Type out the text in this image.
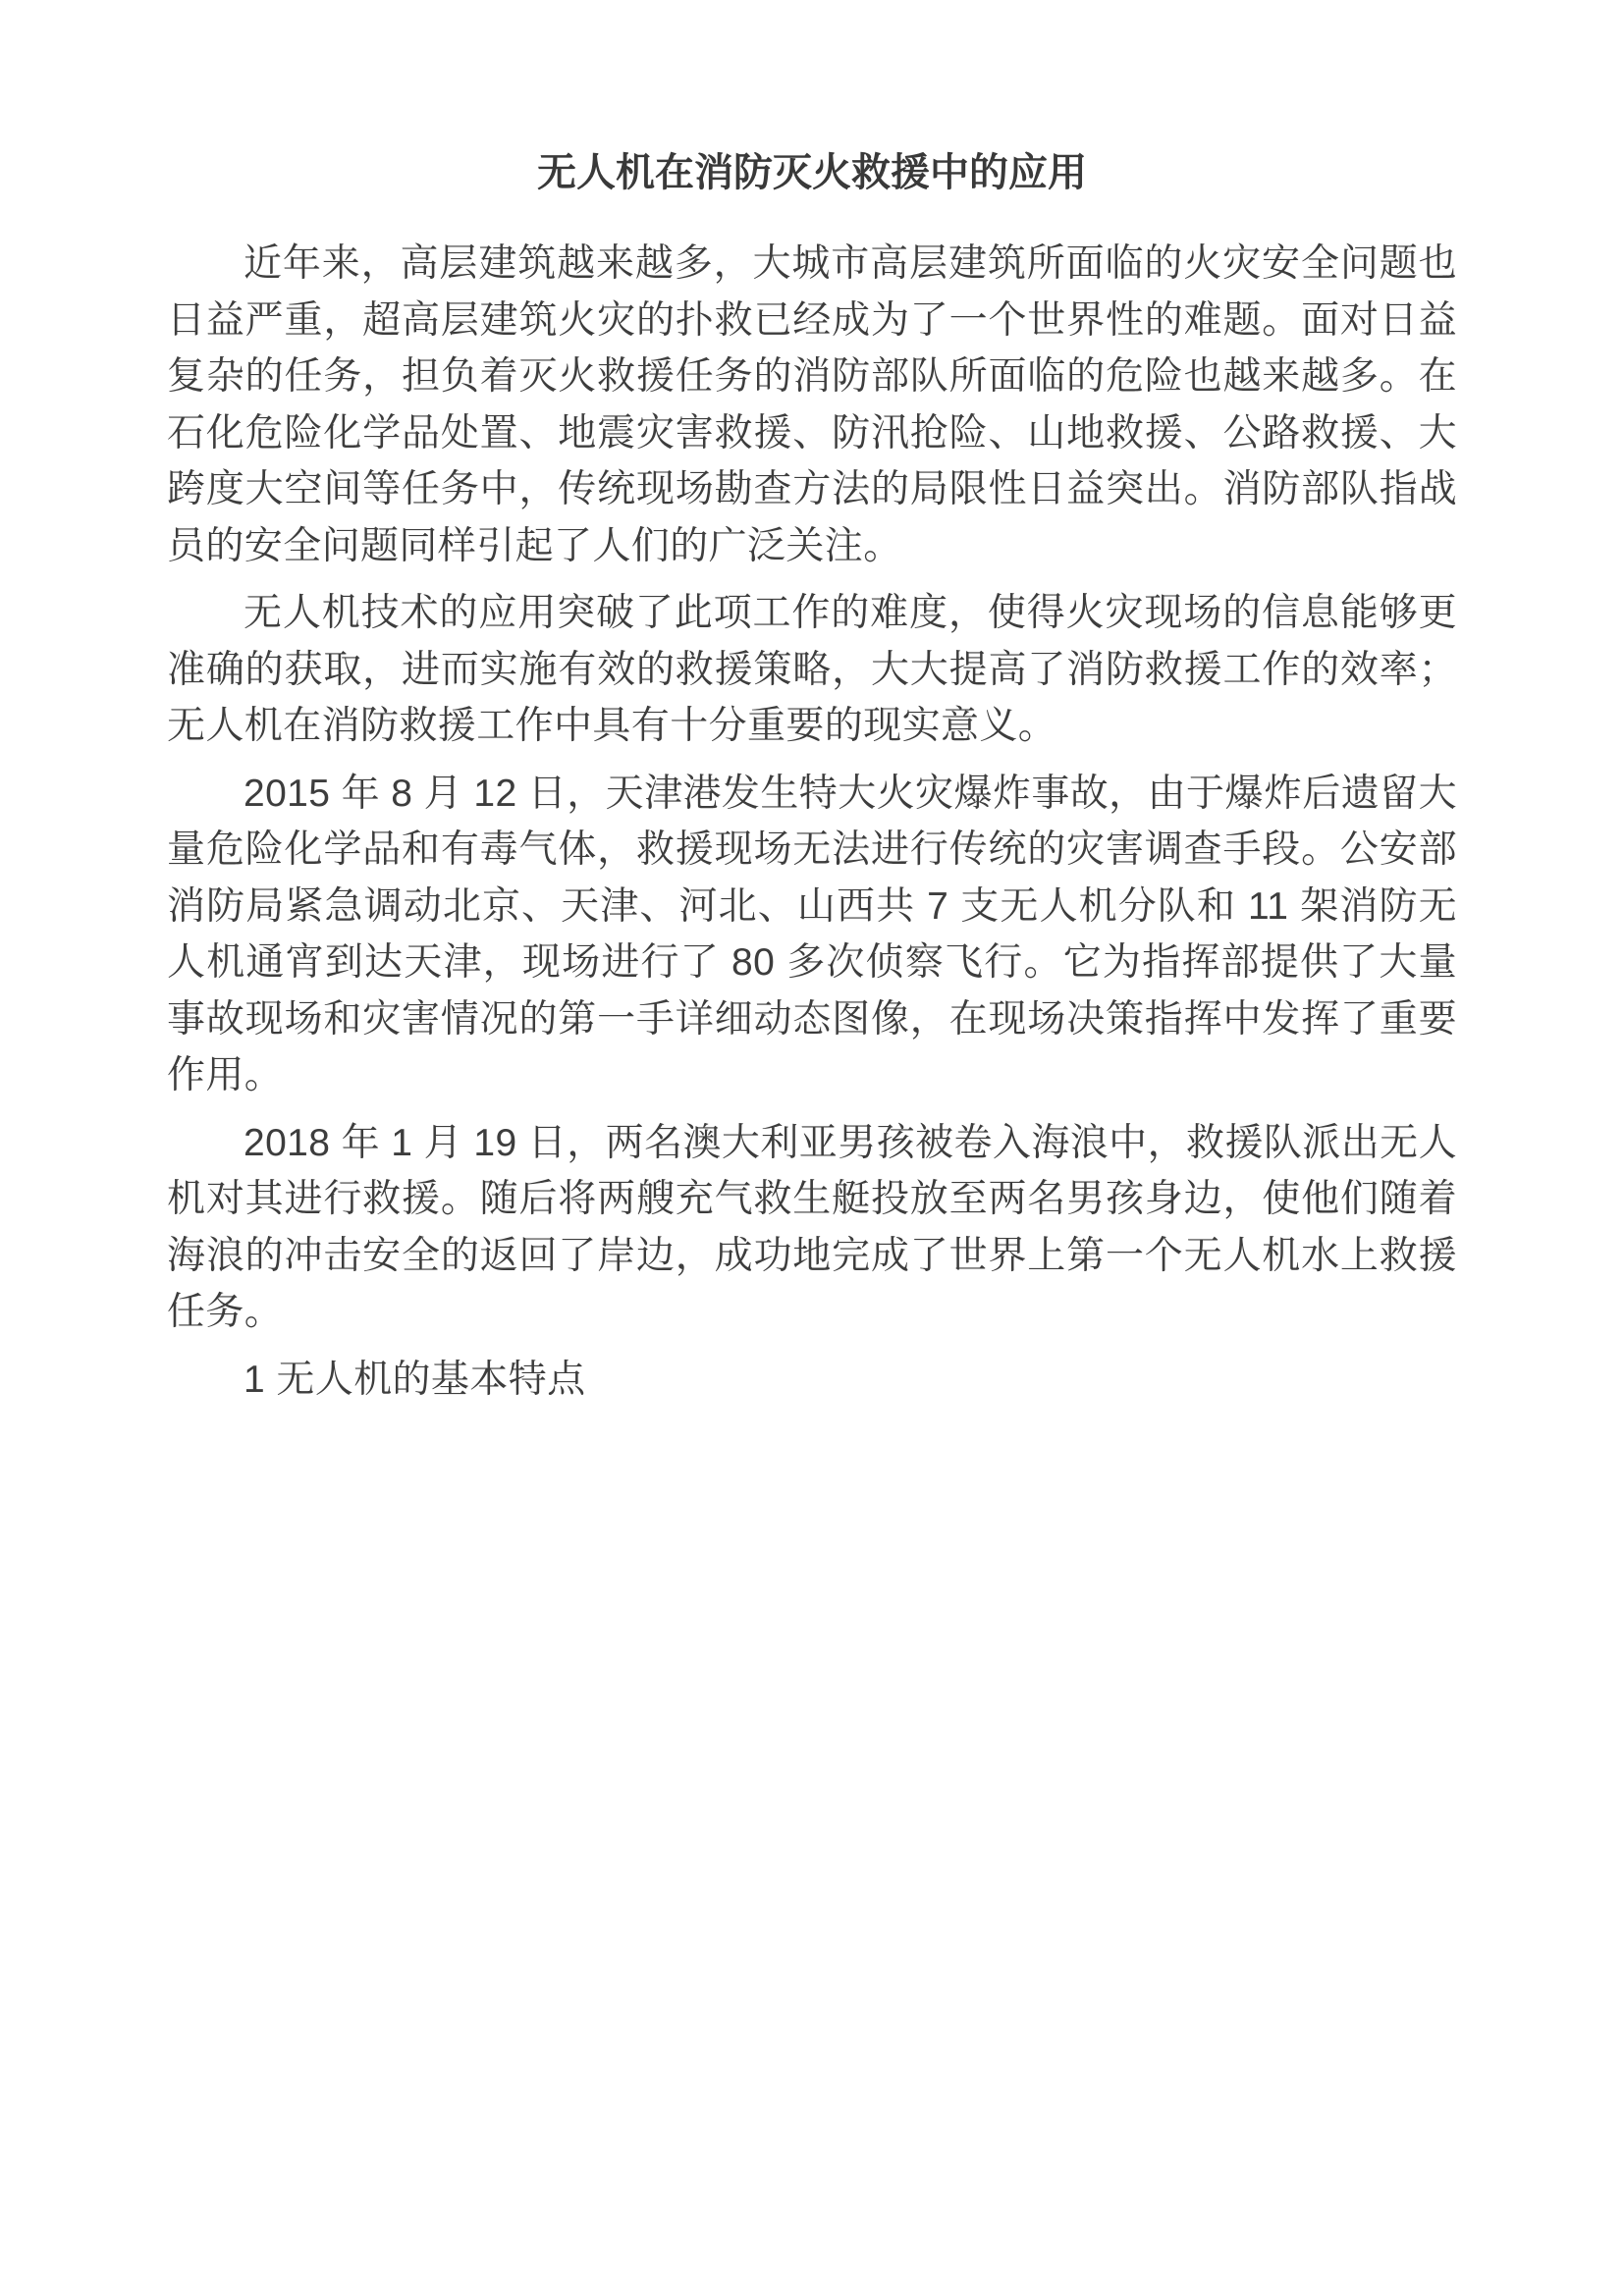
无人机在消防灭火救援中的应用

近年来，高层建筑越来越多，大城市高层建筑所面临的火灾安全问题也日益严重，超高层建筑火灾的扑救已经成为了一个世界性的难题。面对日益复杂的任务，担负着灭火救援任务的消防部队所面临的危险也越来越多。在石化危险化学品处置、地震灾害救援、防汛抢险、山地救援、公路救援、大跨度大空间等任务中，传统现场勘查方法的局限性日益突出。消防部队指战员的安全问题同样引起了人们的广泛关注。

无人机技术的应用突破了此项工作的难度，使得火灾现场的信息能够更准确的获取，进而实施有效的救援策略，大大提高了消防救援工作的效率；无人机在消防救援工作中具有十分重要的现实意义。

2015 年 8 月 12 日，天津港发生特大火灾爆炸事故，由于爆炸后遗留大量危险化学品和有毒气体，救援现场无法进行传统的灾害调查手段。公安部消防局紧急调动北京、天津、河北、山西共 7 支无人机分队和 11 架消防无人机通宵到达天津，现场进行了 80 多次侦察飞行。它为指挥部提供了大量事故现场和灾害情况的第一手详细动态图像，在现场决策指挥中发挥了重要作用。

2018 年 1 月 19 日，两名澳大利亚男孩被卷入海浪中，救援队派出无人机对其进行救援。随后将两艘充气救生艇投放至两名男孩身边，使他们随着海浪的冲击安全的返回了岸边，成功地完成了世界上第一个无人机水上救援任务。

1 无人机的基本特点
